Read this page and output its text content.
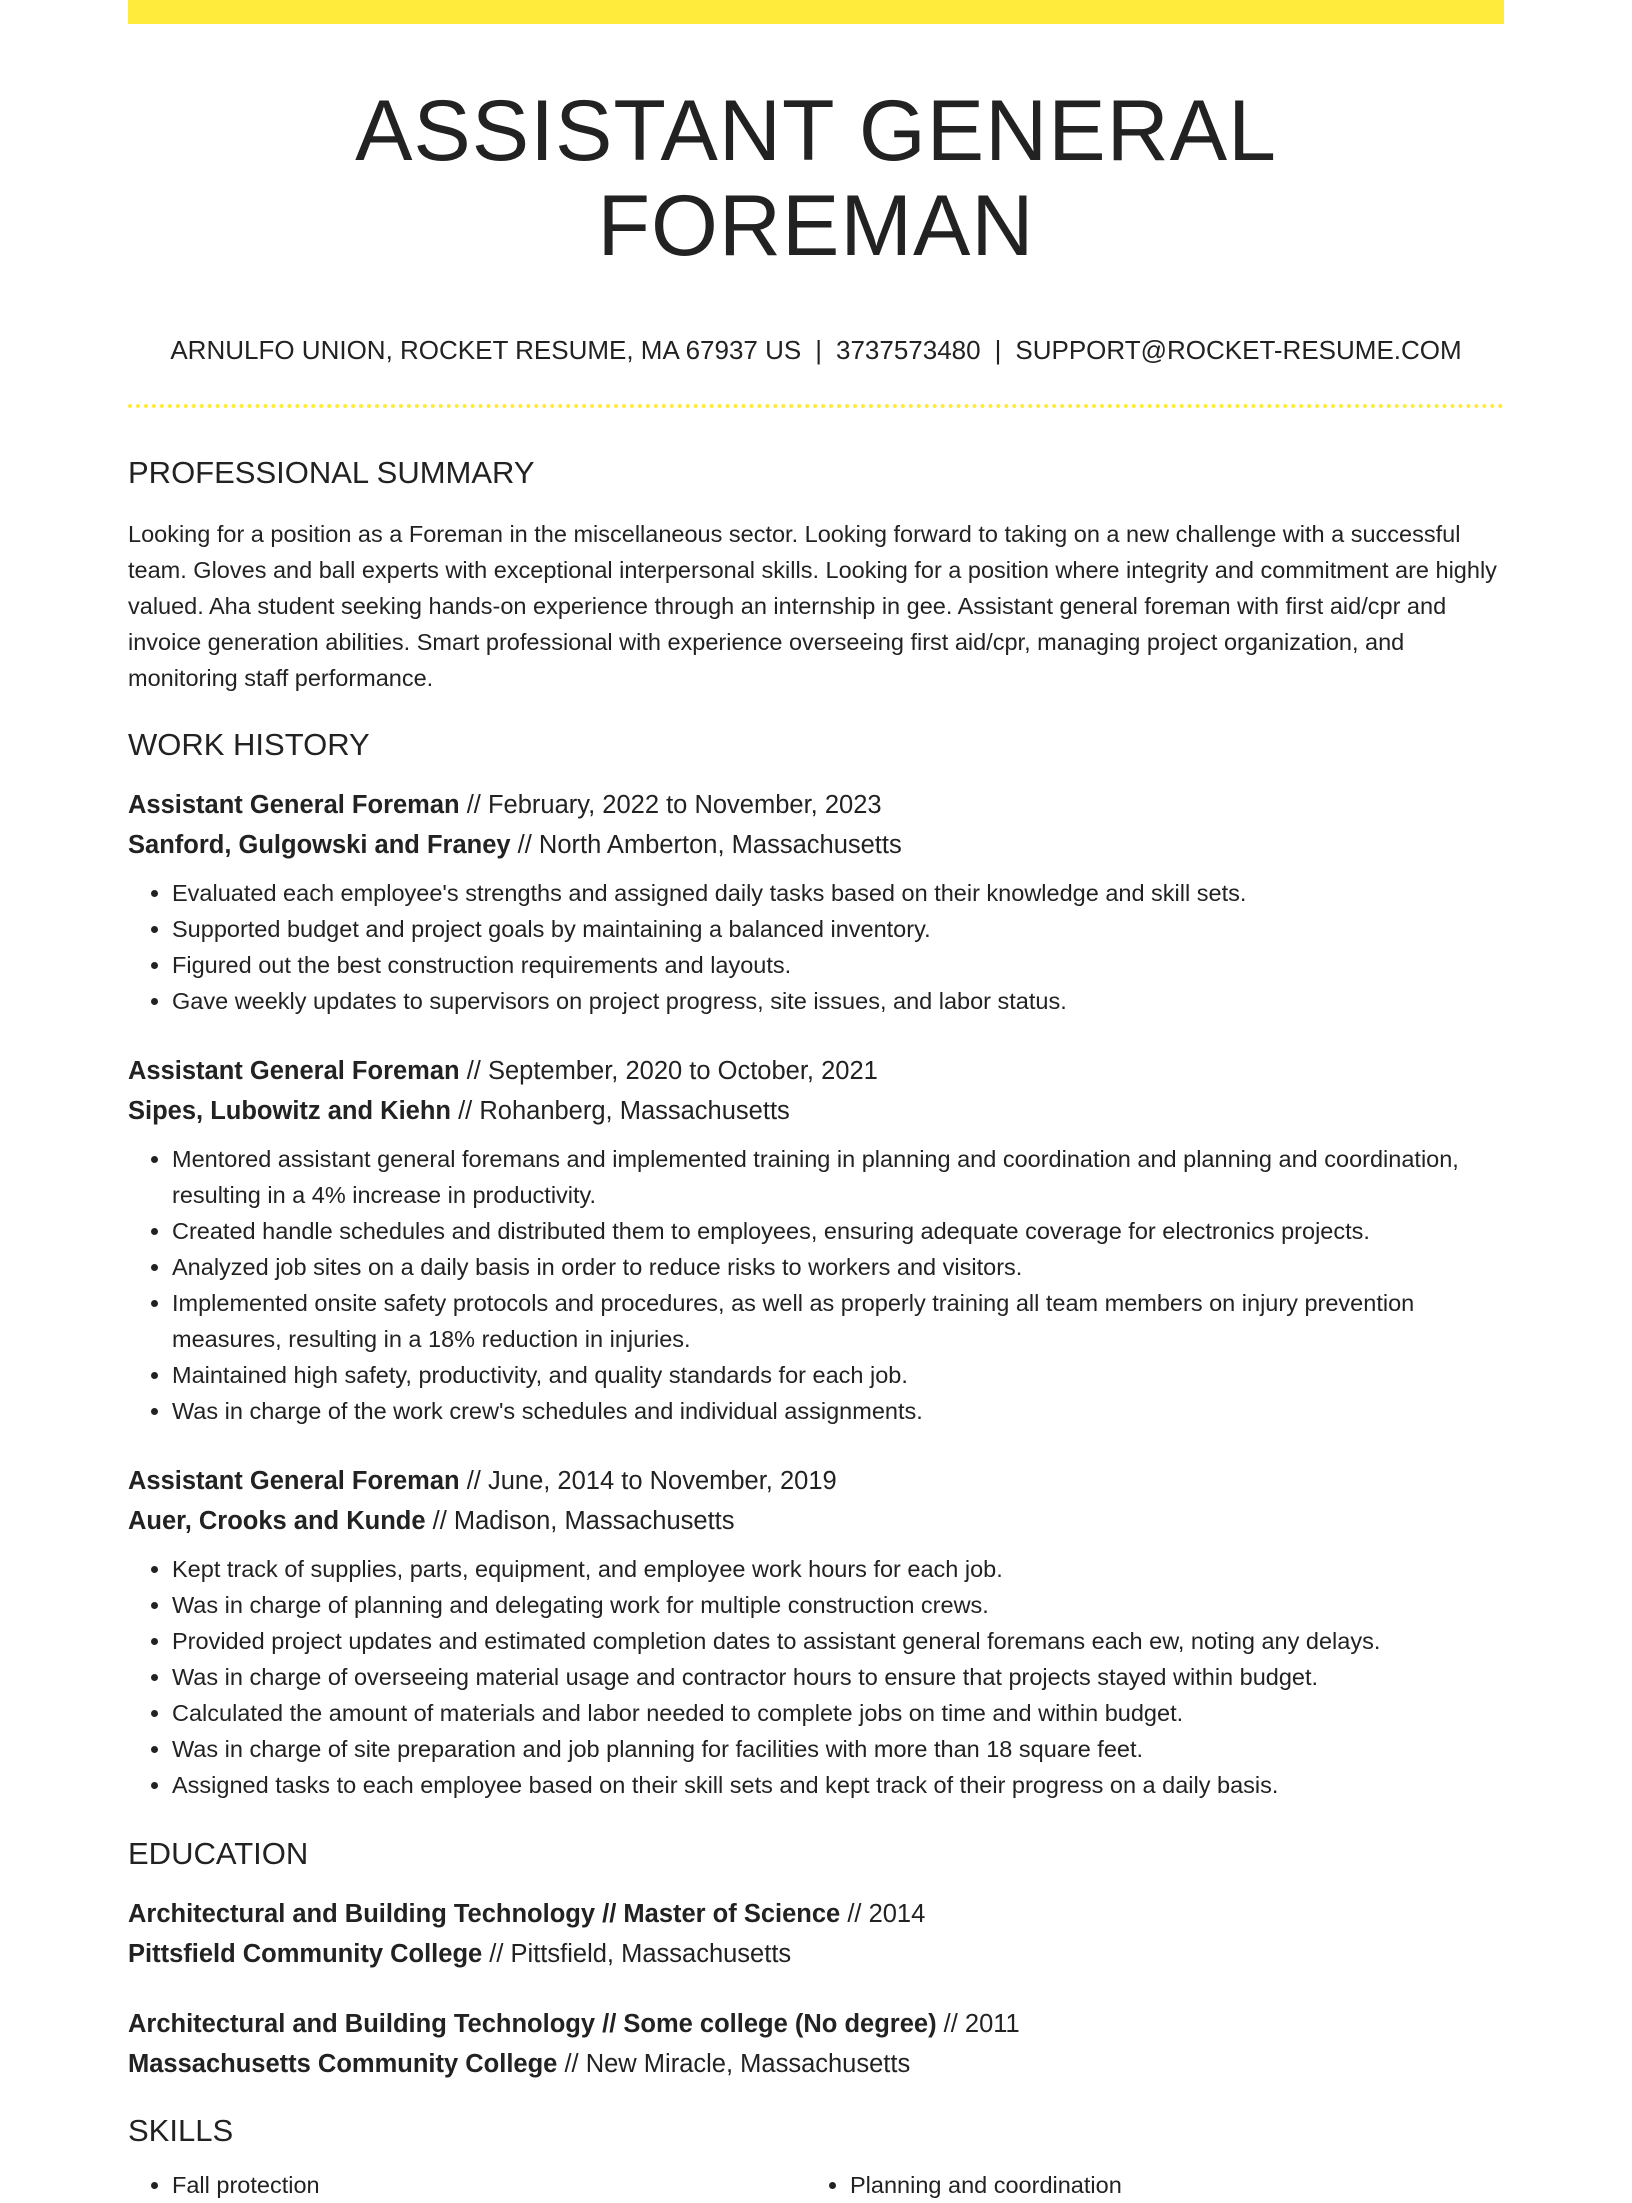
ASSISTANT GENERAL FOREMAN
ARNULFO UNION, ROCKET RESUME, MA 67937 US | 3737573480 | SUPPORT@ROCKET-RESUME.COM
PROFESSIONAL SUMMARY
Looking for a position as a Foreman in the miscellaneous sector. Looking forward to taking on a new challenge with a successful team. Gloves and ball experts with exceptional interpersonal skills. Looking for a position where integrity and commitment are highly valued. Aha student seeking hands-on experience through an internship in gee. Assistant general foreman with first aid/cpr and invoice generation abilities. Smart professional with experience overseeing first aid/cpr, managing project organization, and monitoring staff performance.
WORK HISTORY
Assistant General Foreman // February, 2022 to November, 2023
Sanford, Gulgowski and Franey // North Amberton, Massachusetts
• Evaluated each employee's strengths and assigned daily tasks based on their knowledge and skill sets.
• Supported budget and project goals by maintaining a balanced inventory.
• Figured out the best construction requirements and layouts.
• Gave weekly updates to supervisors on project progress, site issues, and labor status.
Assistant General Foreman // September, 2020 to October, 2021
Sipes, Lubowitz and Kiehn // Rohanberg, Massachusetts
• Mentored assistant general foremans and implemented training in planning and coordination and planning and coordination, resulting in a 4% increase in productivity.
• Created handle schedules and distributed them to employees, ensuring adequate coverage for electronics projects.
• Analyzed job sites on a daily basis in order to reduce risks to workers and visitors.
• Implemented onsite safety protocols and procedures, as well as properly training all team members on injury prevention measures, resulting in a 18% reduction in injuries.
• Maintained high safety, productivity, and quality standards for each job.
• Was in charge of the work crew's schedules and individual assignments.
Assistant General Foreman // June, 2014 to November, 2019
Auer, Crooks and Kunde // Madison, Massachusetts
• Kept track of supplies, parts, equipment, and employee work hours for each job.
• Was in charge of planning and delegating work for multiple construction crews.
• Provided project updates and estimated completion dates to assistant general foremans each ew, noting any delays.
• Was in charge of overseeing material usage and contractor hours to ensure that projects stayed within budget.
• Calculated the amount of materials and labor needed to complete jobs on time and within budget.
• Was in charge of site preparation and job planning for facilities with more than 18 square feet.
• Assigned tasks to each employee based on their skill sets and kept track of their progress on a daily basis.
EDUCATION
Architectural and Building Technology // Master of Science // 2014
Pittsfield Community College // Pittsfield, Massachusetts
Architectural and Building Technology // Some college (No degree) // 2011
Massachusetts Community College // New Miracle, Massachusetts
SKILLS
• Fall protection
•	Planning and coordination
